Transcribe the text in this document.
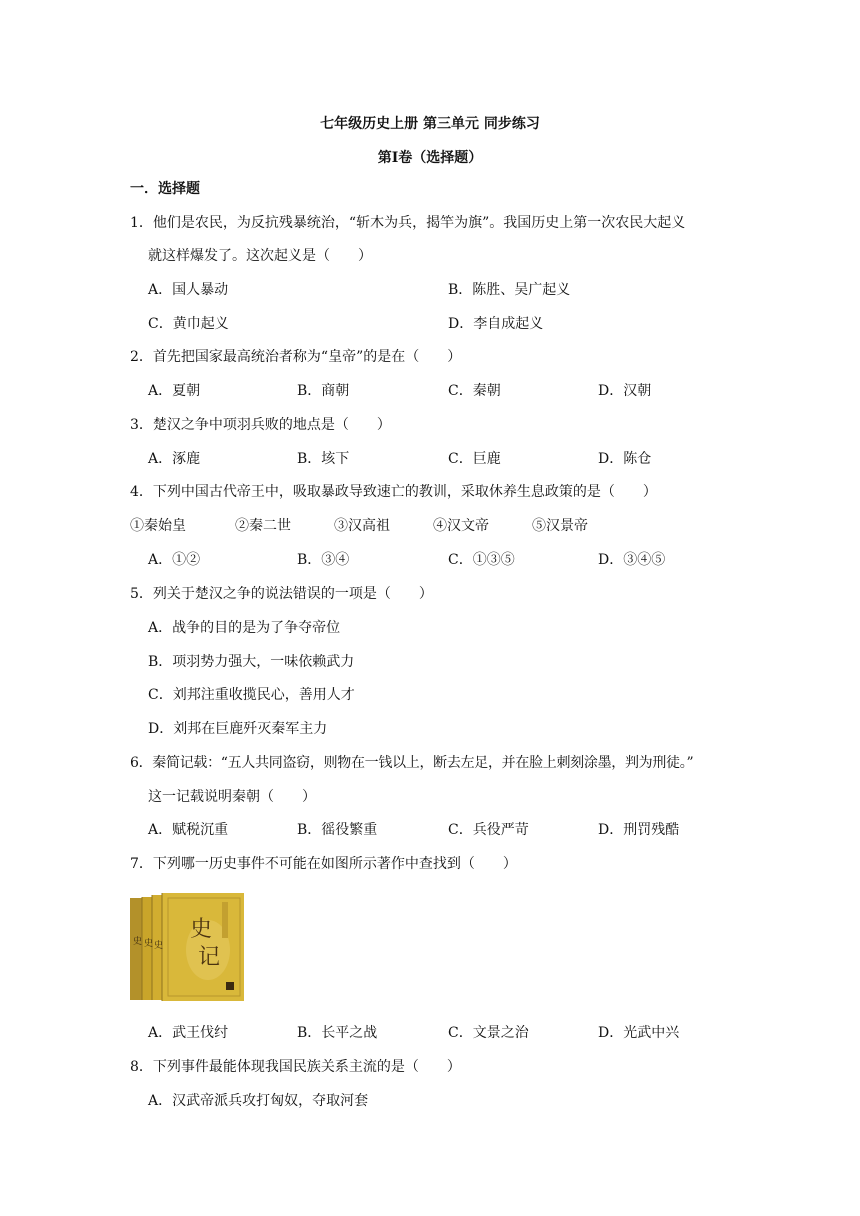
七年级历史上册 第三单元 同步练习
第Ⅰ卷（选择题）
一．选择题
1．他们是农民，为反抗残暴统治，“斩木为兵，揭竿为旗”。我国历史上第一次农民大起义
就这样爆发了。这次起义是（　　）
A．国人暴动	B．陈胜、吴广起义
C．黄巾起义	D．李自成起义
2．首先把国家最高统治者称为“皇帝”的是在（　　）
A．夏朝	B．商朝	C．秦朝	D．汉朝
3．楚汉之争中项羽兵败的地点是（　　）
A．涿鹿	B．垓下	C．巨鹿	D．陈仓
4．下列中国古代帝王中，吸取暴政导致速亡的教训，采取休养生息政策的是（　　）
①秦始皇	②秦二世	③汉高祖	④汉文帝	⑤汉景帝
A．①②	B．③④	C．①③⑤	D．③④⑤
5．列关于楚汉之争的说法错误的一项是（　　）
A．战争的目的是为了争夺帝位
B．项羽势力强大，一味依赖武力
C．刘邦注重收揽民心，善用人才
D．刘邦在巨鹿歼灭秦军主力
6．秦简记载：“五人共同盗窃，则物在一钱以上，断去左足，并在脸上刺刻涂墨，判为刑徒。”
这一记载说明秦朝（　　）
A．赋税沉重	B．徭役繁重	C．兵役严苛	D．刑罚残酷
7．下列哪一历史事件不可能在如图所示著作中查找到（　　）
史 史 史
史
记
A．武王伐纣	B．长平之战	C．文景之治	D．光武中兴
8．下列事件最能体现我国民族关系主流的是（　　）
A．汉武帝派兵攻打匈奴，夺取河套
